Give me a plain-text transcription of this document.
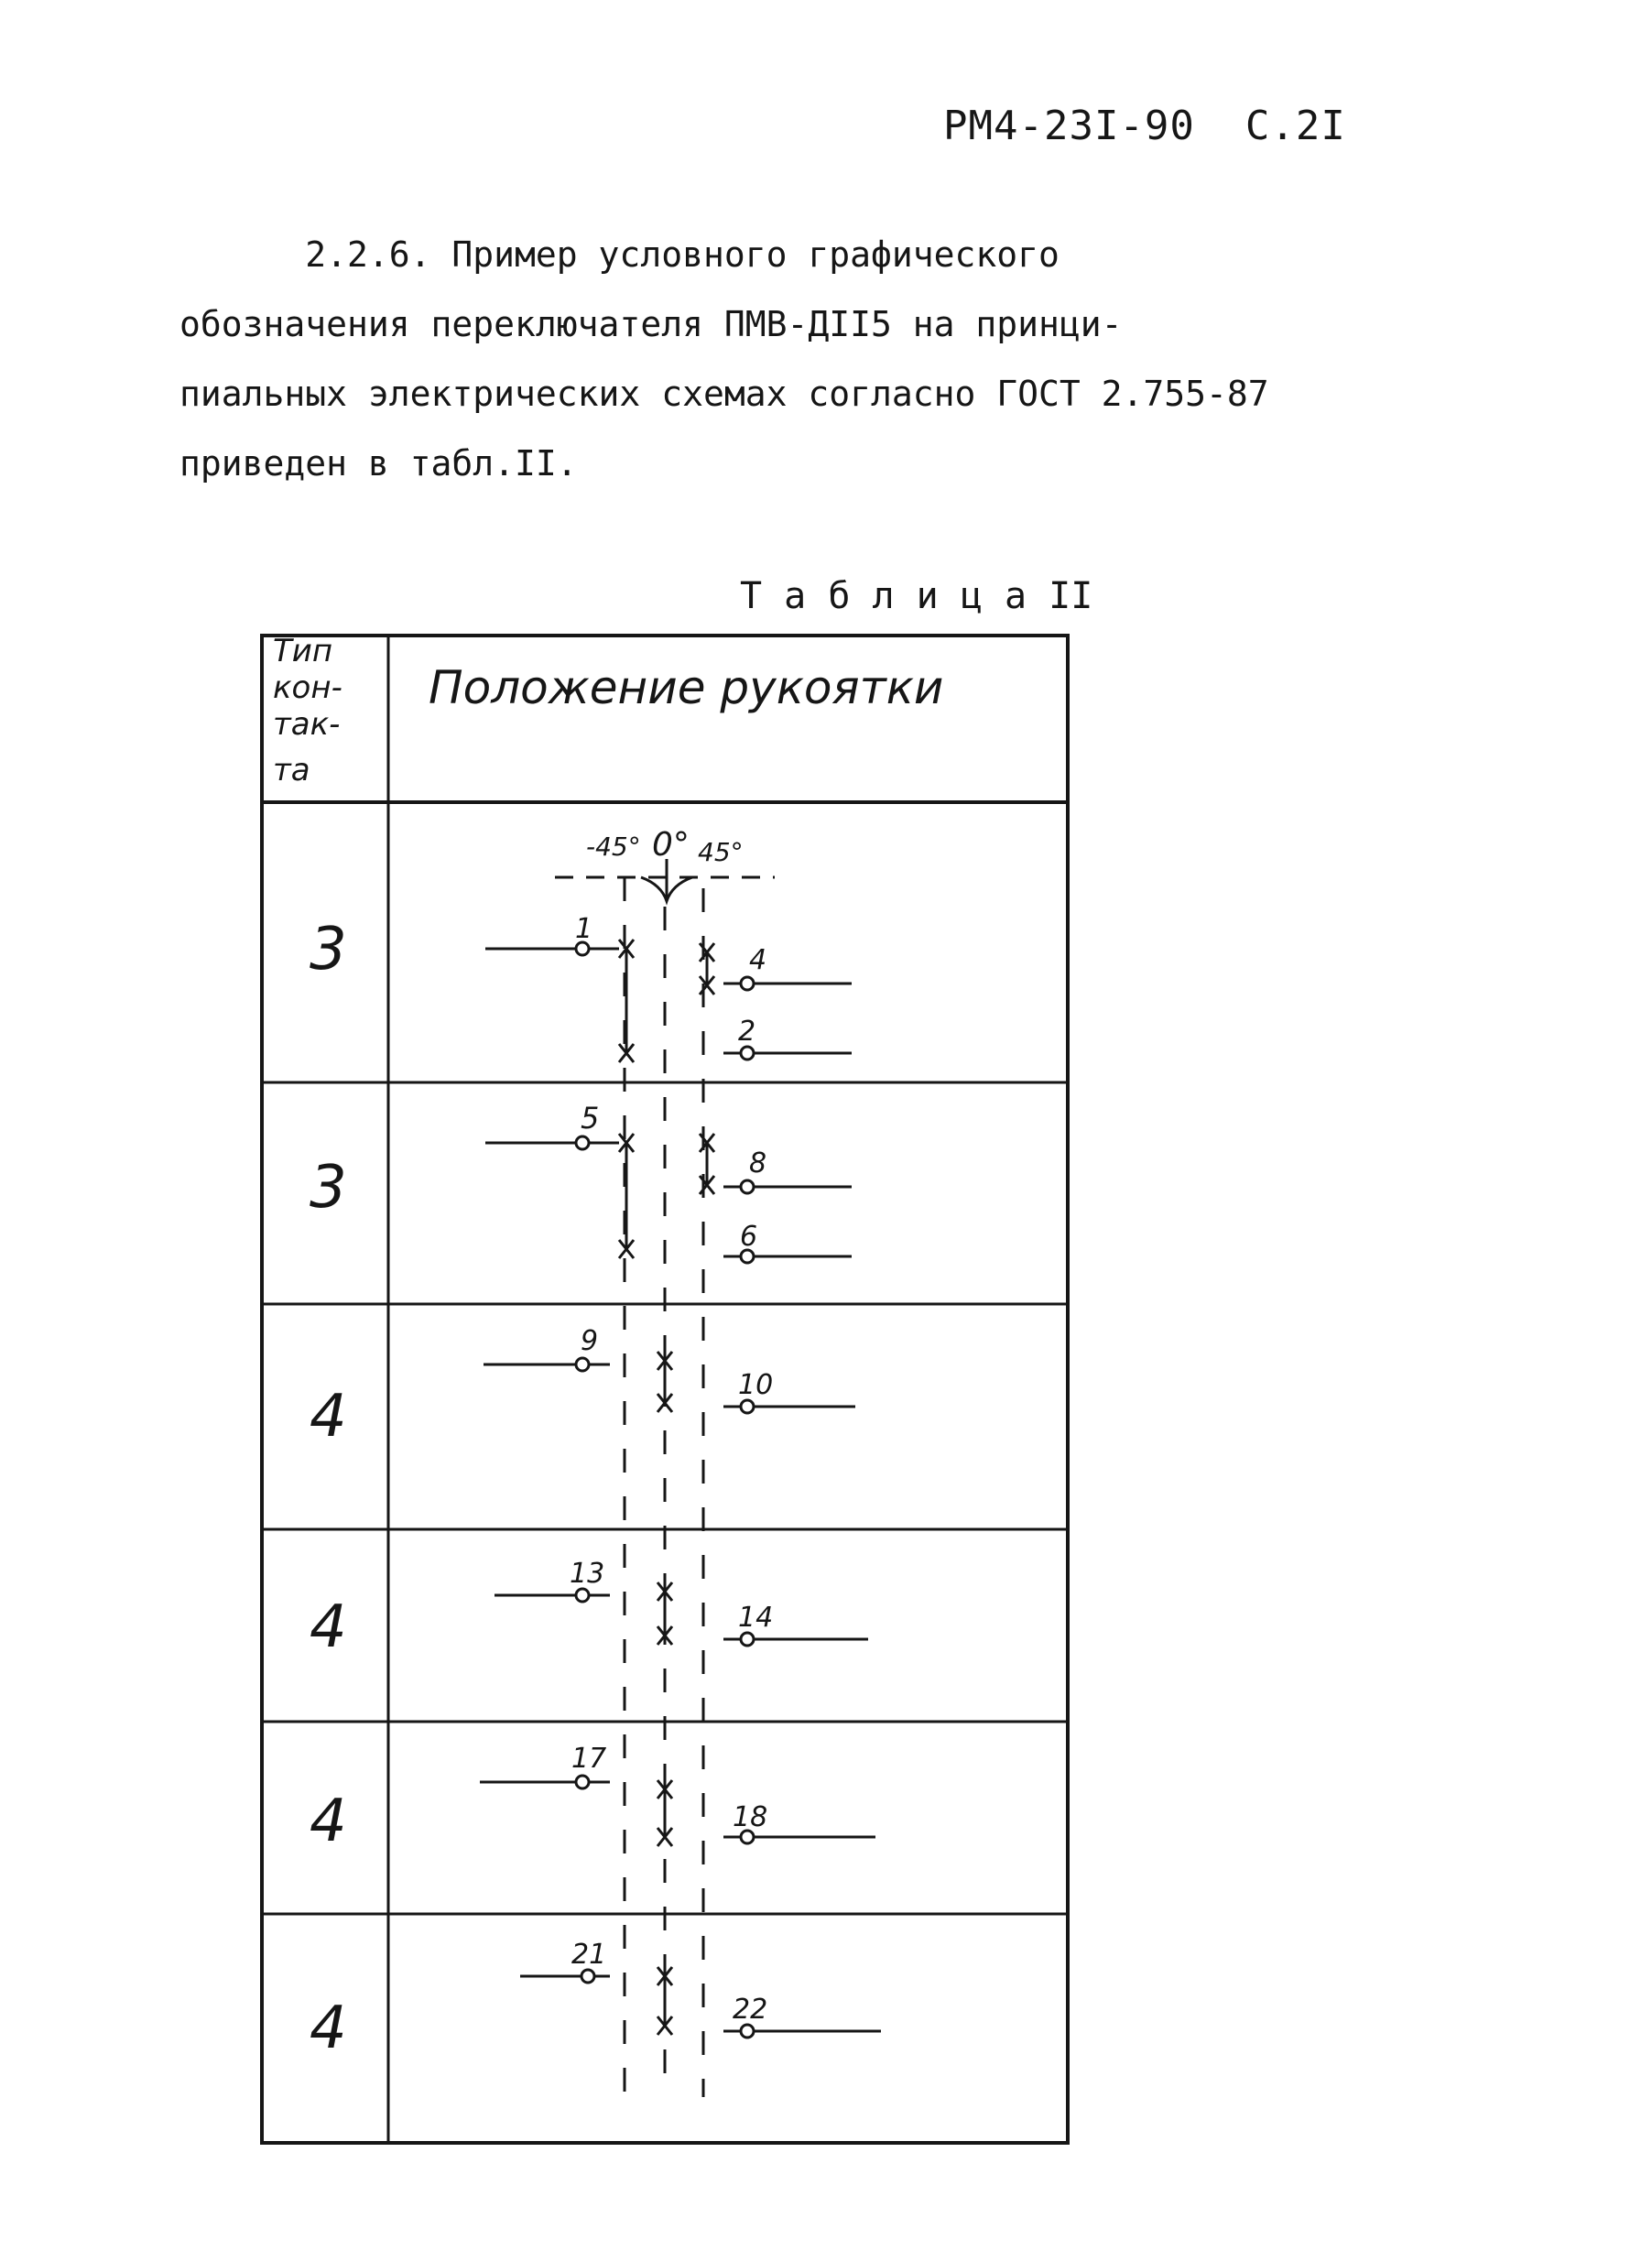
РМ4-23I-90  С.2I
2.2.6. Пример условного графического
обозначения переключателя ПМВ-ДII5 на принци-
пиальных электрических схемах согласно ГОСТ 2.755-87
приведен в табл.II.
Т а б л и ц а II
Тип
кон-
так-
та
Положение рукоятки
-45° 0° 45°
3
3
4
4
4
4
1
4
2
5
8
6
9
10
13
14
17
18
21
22
